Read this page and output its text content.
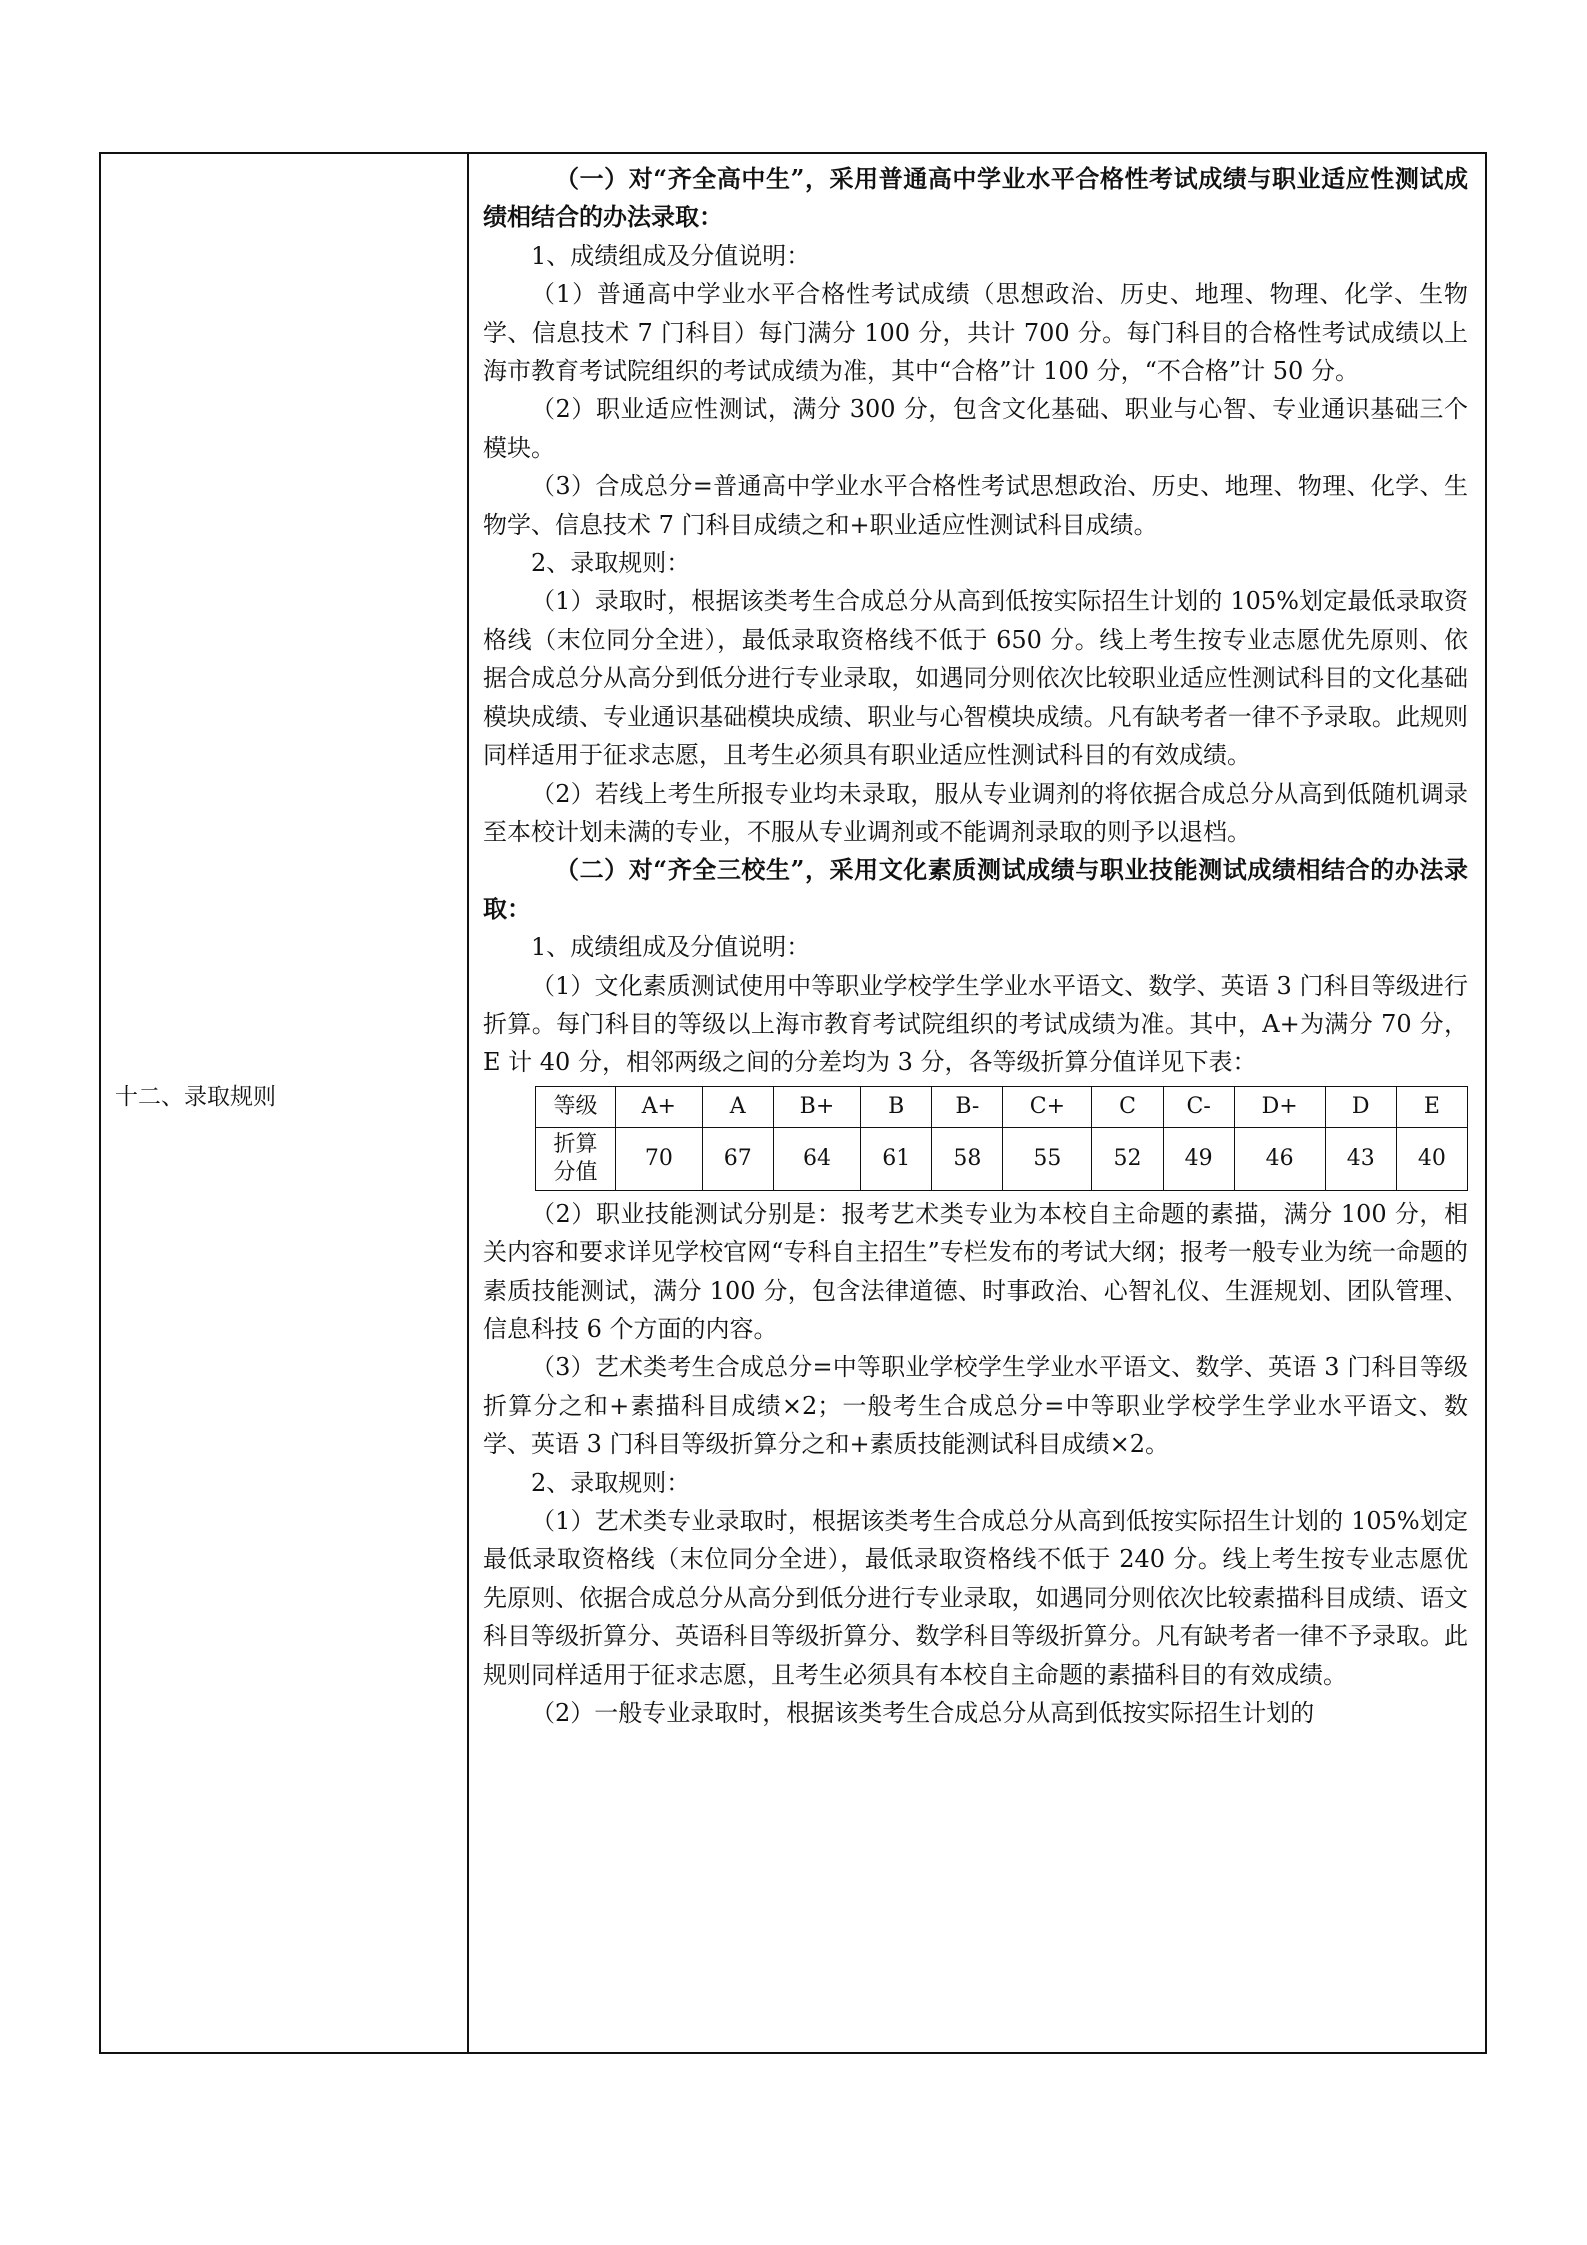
十二、录取规则

（一）对“齐全高中生”，采用普通高中学业水平合格性考试成绩与职业适应性测试成绩相结合的办法录取：

1、成绩组成及分值说明：

（1）普通高中学业水平合格性考试成绩（思想政治、历史、地理、物理、化学、生物学、信息技术 7 门科目）每门满分 100 分，共计 700 分。每门科目的合格性考试成绩以上海市教育考试院组织的考试成绩为准，其中“合格”计 100 分，“不合格”计 50 分。

（2）职业适应性测试，满分 300 分，包含文化基础、职业与心智、专业通识基础三个模块。

（3）合成总分=普通高中学业水平合格性考试思想政治、历史、地理、物理、化学、生物学、信息技术 7 门科目成绩之和+职业适应性测试科目成绩。

2、录取规则：

（1）录取时，根据该类考生合成总分从高到低按实际招生计划的 105%划定最低录取资格线（末位同分全进），最低录取资格线不低于 650 分。线上考生按专业志愿优先原则、依据合成总分从高分到低分进行专业录取，如遇同分则依次比较职业适应性测试科目的文化基础模块成绩、专业通识基础模块成绩、职业与心智模块成绩。凡有缺考者一律不予录取。此规则同样适用于征求志愿，且考生必须具有职业适应性测试科目的有效成绩。

（2）若线上考生所报专业均未录取，服从专业调剂的将依据合成总分从高到低随机调录至本校计划未满的专业，不服从专业调剂或不能调剂录取的则予以退档。

（二）对“齐全三校生”，采用文化素质测试成绩与职业技能测试成绩相结合的办法录取：

1、成绩组成及分值说明：

（1）文化素质测试使用中等职业学校学生学业水平语文、数学、英语 3 门科目等级进行折算。每门科目的等级以上海市教育考试院组织的考试成绩为准。其中，A+为满分 70 分，E 计 40 分，相邻两级之间的分差均为 3 分，各等级折算分值详见下表：

等级	A+	A	B+	B	B-	C+	C	C-	D+	D	E
折算
分值	70	67	64	61	58	55	52	49	46	43	40

（2）职业技能测试分别是：报考艺术类专业为本校自主命题的素描，满分 100 分，相关内容和要求详见学校官网“专科自主招生”专栏发布的考试大纲；报考一般专业为统一命题的素质技能测试，满分 100 分，包含法律道德、时事政治、心智礼仪、生涯规划、团队管理、信息科技 6 个方面的内容。

（3）艺术类考生合成总分=中等职业学校学生学业水平语文、数学、英语 3 门科目等级折算分之和+素描科目成绩×2；一般考生合成总分=中等职业学校学生学业水平语文、数学、英语 3 门科目等级折算分之和+素质技能测试科目成绩×2。

2、录取规则：

（1）艺术类专业录取时，根据该类考生合成总分从高到低按实际招生计划的 105%划定最低录取资格线（末位同分全进），最低录取资格线不低于 240 分。线上考生按专业志愿优先原则、依据合成总分从高分到低分进行专业录取，如遇同分则依次比较素描科目成绩、语文科目等级折算分、英语科目等级折算分、数学科目等级折算分。凡有缺考者一律不予录取。此规则同样适用于征求志愿，且考生必须具有本校自主命题的素描科目的有效成绩。

（2）一般专业录取时，根据该类考生合成总分从高到低按实际招生计划的
